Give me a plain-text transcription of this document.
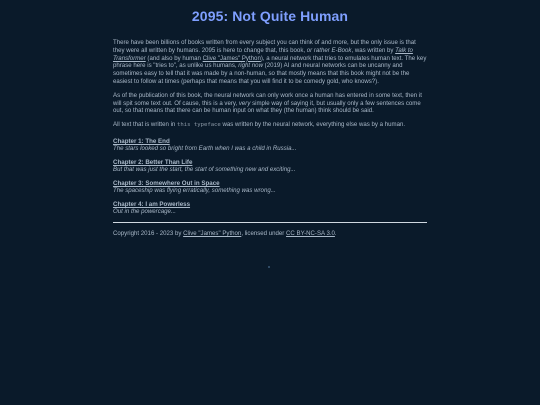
2095: Not Quite Human

There have been billions of books written from every subject you can think of and more, but the only issue is that they were all written by humans. 2095 is here to change that, this book, or rather E-Book, was written by Talk to Transformer (and also by human Clive "James" Python), a neural network that tries to emulates human text. The key phrase here is "tries to", as unlike us humans, right now (2019) AI and neural networks can be uncanny and sometimes easy to tell that it was made by a non-human, so that mostly means that this book might not be the easiest to follow at times (perhaps that means that you will find it to be comedy gold, who knows?).

As of the publication of this book, the neural network can only work once a human has entered in some text, then it will spit some text out. Of cause, this is a very, very simple way of saying it, but usually only a few sentences come out, so that means that there can be human input on what they (the human) think should be said.

All text that is written in this typeface was written by the neural network, everything else was by a human.

Chapter 1: The End
The stars looked so bright from Earth when I was a child in Russia...
Chapter 2: Better Than Life
But that was just the start, the start of something new and exciting...
Chapter 3: Somewhere Out in Space
The spaceship was flying erratically, something was wrong...
Chapter 4: I am Powerless
Out in the powercage...
Copyright 2016 - 2023 by Clive "James" Python, licensed under CC BY-NC-SA 3.0.
